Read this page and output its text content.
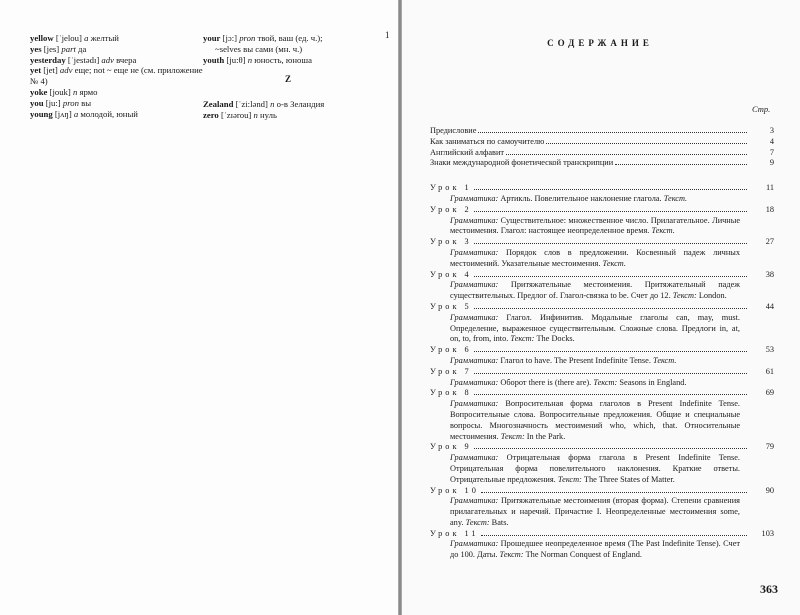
1
yellow [ˈjelou] a желтый
yes [jes] part да
yesterday [ˈjestədɪ] adv вчера
yet [jet] adv еще; not ~ еще не (см. приложение № 4)
yoke [jouk] n ярмо
you [ju:] pron вы
young [jʌŋ] a молодой, юный
your [jɔ:] pron твой, ваш (ед. ч.);
~selves вы сами (мн. ч.)
youth [ju:θ] n юность, юноша
Z
Zealand [ˈzi:lənd] n о-в Зеландия
zero [ˈzɪərou] n нуль
СОДЕРЖАНИЕ
Стр.
Предисловие	3
Как заниматься по самоучителю	4
Английский алфавит	7
Знаки международной фонетической транскрипции	9
Урок 1	11
Грамматика: Артикль. Повелительное наклонение глагола. Текст.
Урок 2	18
Грамматика: Существительное: множественное число. Прилагательное. Личные местоимения. Глагол: настоящее неопределенное время. Текст.
Урок 3	27
Грамматика: Порядок слов в предложении. Косвенный падеж личных местоимений. Указательные местоимения. Текст.
Урок 4	38
Грамматика: Притяжательные местоимения. Притяжательный падеж существительных. Предлог of. Глагол-связка to be. Счет до 12. Текст: London.
Урок 5	44
Грамматика: Глагол. Инфинитив. Модальные глаголы can, may, must. Определение, выраженное существительным. Сложные слова. Предлоги in, at, on, to, from, into. Текст: The Docks.
Урок 6	53
Грамматика: Глагол to have. The Present Indefinite Tense. Текст.
Урок 7	61
Грамматика: Оборот there is (there are). Текст: Seasons in England.
Урок 8	69
Грамматика: Вопросительная форма глаголов в Present Indefinite Tense. Вопросительные слова. Вопросительные предложения. Общие и специальные вопросы. Многозначность местоимений who, which, that. Относительные местоимения. Текст: In the Park.
Урок 9	79
Грамматика: Отрицательная форма глагола в Present Indefinite Tense. Отрицательная форма повелительного наклонения. Краткие ответы. Отрицательные предложения. Текст: The Three States of Matter.
Урок 10	90
Грамматика: Притяжательные местоимения (вторая форма). Степени сравнения прилагательных и наречий. Причастие I. Неопределенные местоимения some, any. Текст: Bats.
Урок 11	103
Грамматика: Прошедшее неопределенное время (The Past Indefinite Tense). Счет до 100. Даты. Текст: The Norman Conquest of England.
363
